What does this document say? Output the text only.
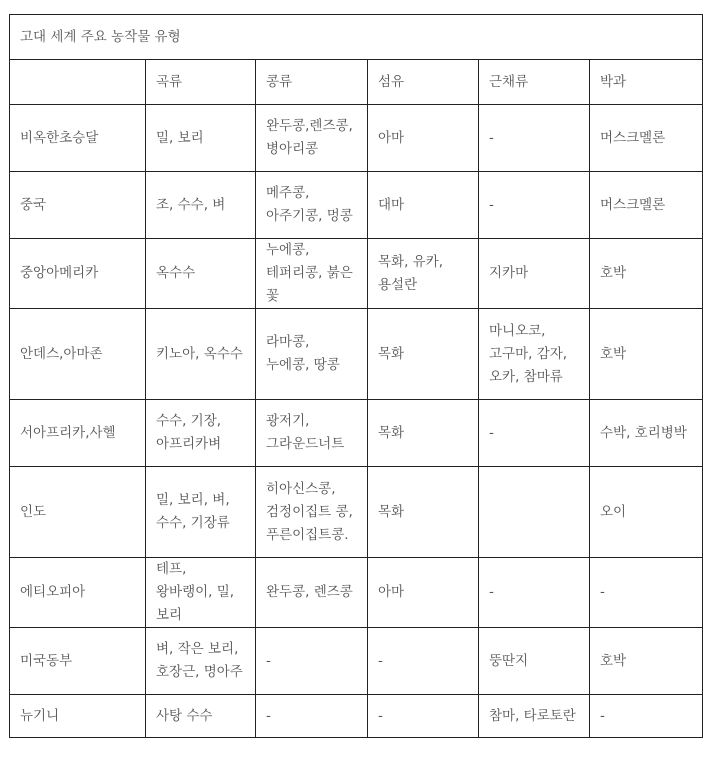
고대 세계 주요 농작물 유형					
	곡류	콩류	섬유	근채류	박과
비옥한초승달	밀, 보리	완두콩,렌즈콩, 병아리콩	아마	-	머스크멜론
중국	조, 수수, 벼	메주콩, 아주기콩, 멍콩	대마	-	머스크멜론
중앙아메리카	옥수수	누에콩, 테퍼리콩, 붉은 꽃	목화, 유카, 용설란	지카마	호박
안데스,아마존	키노아, 옥수수	라마콩, 누에콩, 땅콩	목화	마니오코, 고구마, 감자, 오카, 참마류	호박
서아프리카,사헬	수수, 기장, 아프리카벼	광저기, 그라운드너트	목화	-	수박, 호리병박
인도	밀, 보리, 벼, 수수, 기장류	히아신스콩, 검정이집트 콩, 푸른이집트콩.	목화		오이
에티오피아	테프, 왕바랭이, 밀, 보리	완두콩, 렌즈콩	아마	-	-
미국동부	벼, 작은 보리, 호장근, 명아주	-	-	뚱딴지	호박
뉴기니	사탕 수수	-	-	참마, 타로토란	-
